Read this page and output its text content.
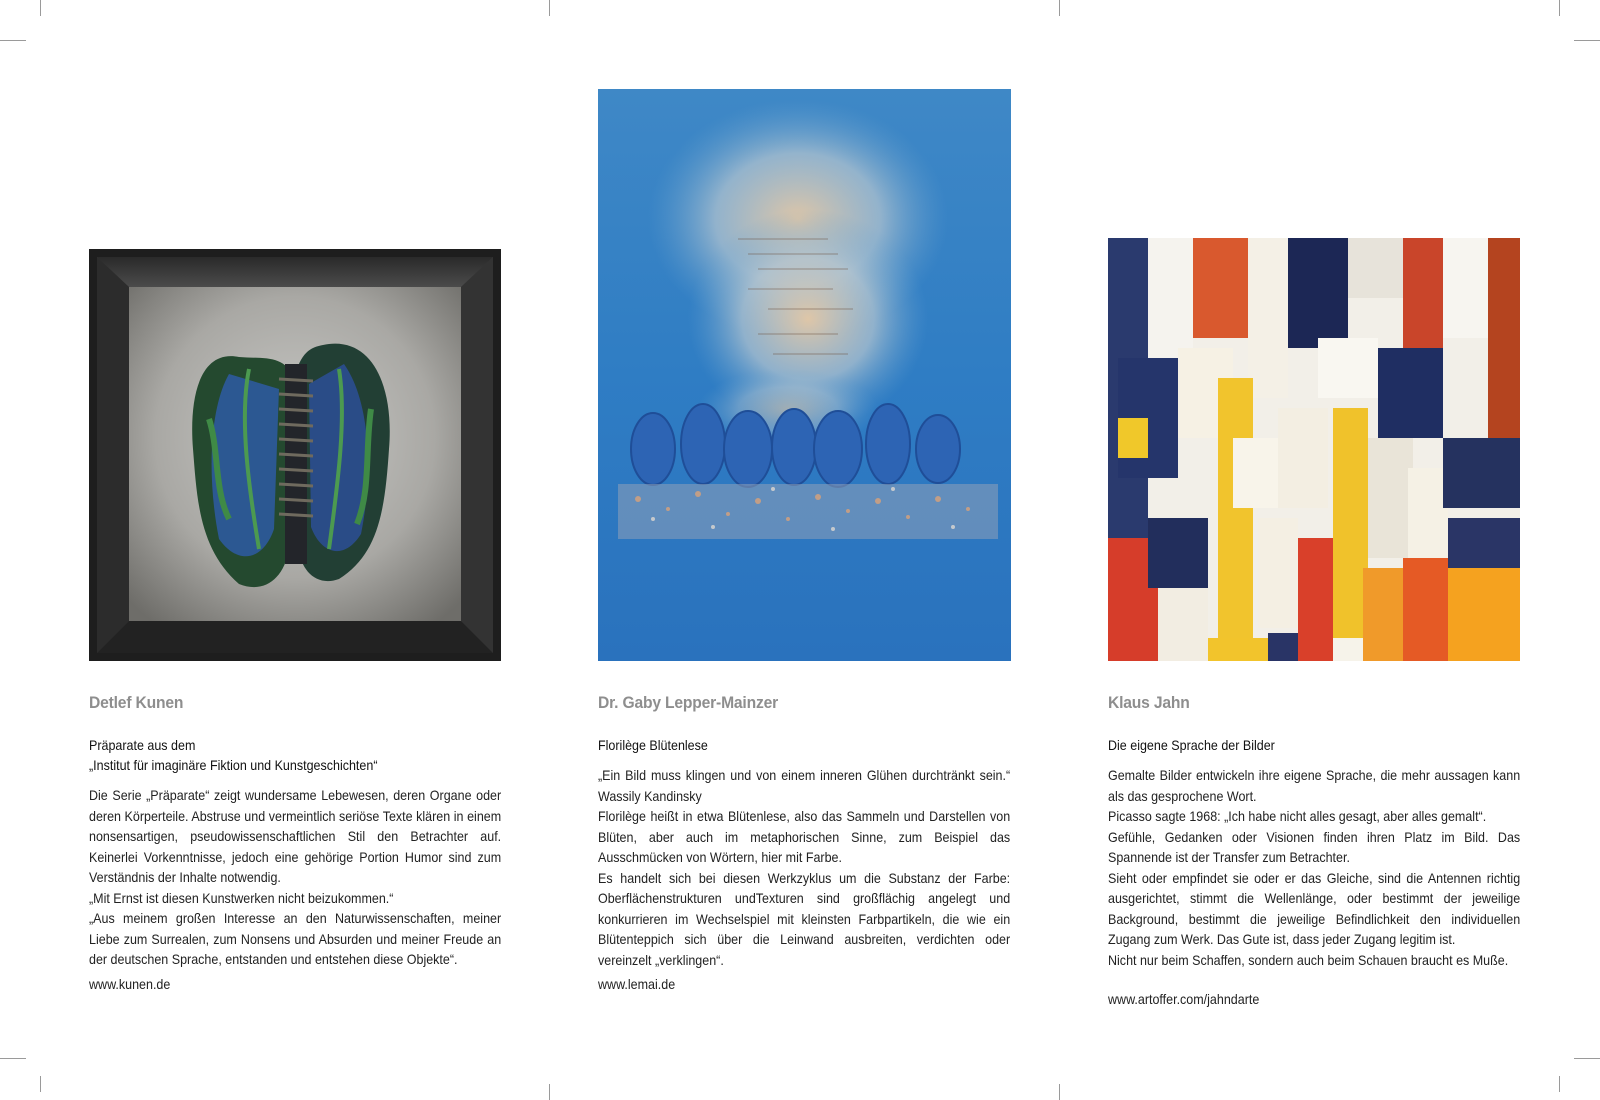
Detlef Kunen
Präparate aus dem
„Institut für imaginäre Fiktion und Kunstgeschichten“

Die Serie „Präparate“ zeigt wundersame Lebewesen, deren Organe oder deren Körperteile. Abstruse und vermeintlich seriöse Texte klären in einem nonsensartigen, pseudowissenschaftlichen Stil den Betrachter auf. Keinerlei Vorkenntnisse, jedoch eine gehörige Portion Humor sind zum Verständnis der Inhalte notwendig.

„Mit Ernst ist diesen Kunstwerken nicht beizukommen.“

„Aus meinem großen Interesse an den Naturwissenschaften, meiner Liebe zum Surrealen, zum Nonsens und Absurden und meiner Freude an der deutschen Sprache, entstanden und entstehen diese Objekte“.

www.kunen.de
Dr. Gaby Lepper-Mainzer
Florilège Blütenlese

„Ein Bild muss klingen und von einem inneren Glühen durchtränkt sein.“ Wassily Kandinsky

Florilège heißt in etwa Blütenlese, also das Sammeln und Darstellen von Blüten, aber auch im metaphorischen Sinne, zum Beispiel das Ausschmücken von Wörtern, hier mit Farbe.

Es handelt sich bei diesen Werkzyklus um die Substanz der Farbe: Oberflächenstrukturen undTexturen sind großflächig angelegt und konkurrieren im Wechselspiel mit kleinsten Farbpartikeln, die wie ein Blütenteppich sich über die Leinwand ausbreiten, verdichten oder vereinzelt „verklingen“.

www.lemai.de
Klaus Jahn
Die eigene Sprache der Bilder

Gemalte Bilder entwickeln ihre eigene Sprache, die mehr aussagen kann als das gesprochene Wort.

Picasso sagte 1968: „Ich habe nicht alles gesagt, aber alles gemalt“.

Gefühle, Gedanken oder Visionen finden ihren Platz im Bild. Das Spannende ist der Transfer zum Betrachter.

Sieht oder empfindet sie oder er das Gleiche, sind die Antennen richtig ausgerichtet, stimmt die Wellenlänge, oder bestimmt der jeweilige Background, bestimmt die jeweilige Befindlichkeit den individuellen Zugang zum Werk. Das Gute ist, dass jeder Zugang legitim ist.

Nicht nur beim Schaffen, sondern auch beim Schauen braucht es Muße.

www.artoffer.com/jahndarte
